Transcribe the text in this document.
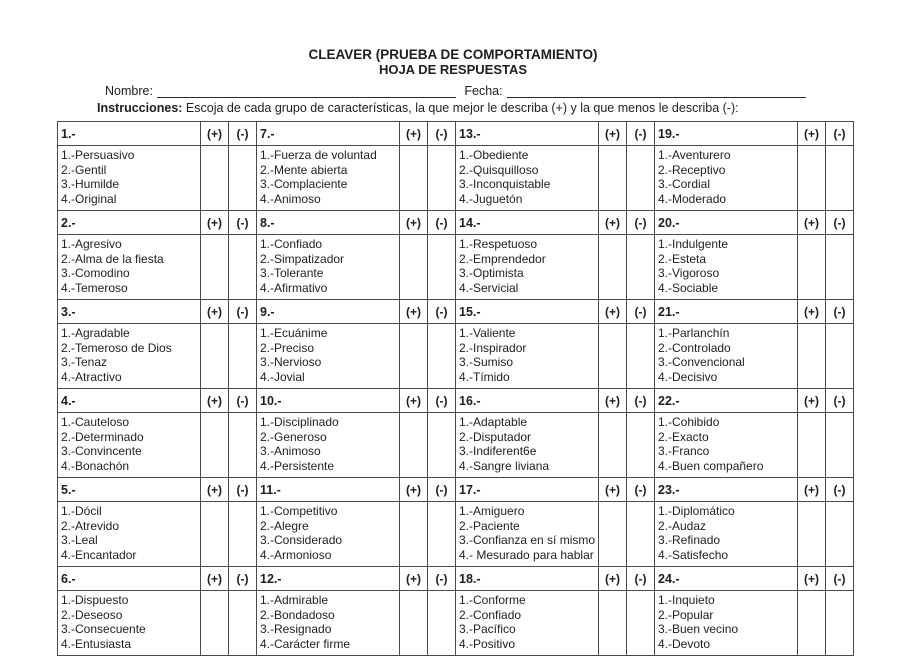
CLEAVER (PRUEBA DE COMPORTAMIENTO)
HOJA DE RESPUESTAS
Nombre:	Fecha:
Instrucciones: Escoja de cada grupo de características, la que mejor le describa (+) y la que menos le describa (-):
1.-	(+)	(-)	7.-	(+)	(-)	13.-	(+)	(-)	19.-	(+)	(-)

1.-Persuasivo
2.-Gentil
3.-Humilde
4.-Original

1.-Fuerza de voluntad
2.-Mente abierta
3.-Complaciente
4.-Animoso

1.-Obediente
2.-Quisquilloso
3.-Inconquistable
4.-Juguetón

1.-Aventurero
2.-Receptivo
3.-Cordial
4.-Moderado

2.-	(+)	(-)	8.-	(+)	(-)	14.-	(+)	(-)	20.-	(+)	(-)

1.-Agresivo
2.-Alma de la fiesta
3.-Comodino
4.-Temeroso

1.-Confiado
2.-Simpatizador
3.-Tolerante
4.-Afirmativo

1.-Respetuoso
2.-Emprendedor
3.-Optimista
4.-Servicial

1.-Indulgente
2.-Esteta
3.-Vigoroso
4.-Sociable

3.-	(+)	(-)	9.-	(+)	(-)	15.-	(+)	(-)	21.-	(+)	(-)

1.-Agradable
2.-Temeroso de Dios
3.-Tenaz
4.-Atractivo

1.-Ecuánime
2.-Preciso
3.-Nervioso
4.-Jovial

1.-Valiente
2.-Inspirador
3.-Sumiso
4.-Tímido

1.-Parlanchín
2.-Controlado
3.-Convencional
4.-Decisivo

4.-	(+)	(-)	10.-	(+)	(-)	16.-	(+)	(-)	22.-	(+)	(-)

1.-Cauteloso
2.-Determinado
3.-Convincente
4.-Bonachón

1.-Disciplinado
2.-Generoso
3.-Animoso
4.-Persistente

1.-Adaptable
2.-Disputador
3.-Indiferent6e
4.-Sangre liviana

1.-Cohibido
2.-Exacto
3.-Franco
4.-Buen compañero

5.-	(+)	(-)	11.-	(+)	(-)	17.-	(+)	(-)	23.-	(+)	(-)

1.-Dócil
2.-Atrevido
3.-Leal
4.-Encantador

1.-Competitivo
2.-Alegre
3.-Considerado
4.-Armonioso

1.-Amiguero
2.-Paciente
3.-Confianza en sí mismo
4.- Mesurado para hablar

1.-Diplomático
2.-Audaz
3.-Refinado
4.-Satisfecho

6.-	(+)	(-)	12.-	(+)	(-)	18.-	(+)	(-)	24.-	(+)	(-)

1.-Dispuesto
2.-Deseoso
3.-Consecuente
4.-Entusiasta

1.-Admirable
2.-Bondadoso
3.-Resignado
4.-Carácter firme

1.-Conforme
2.-Confiado
3.-Pacífico
4.-Positivo

1.-Inquieto
2.-Popular
3.-Buen vecino
4.-Devoto
